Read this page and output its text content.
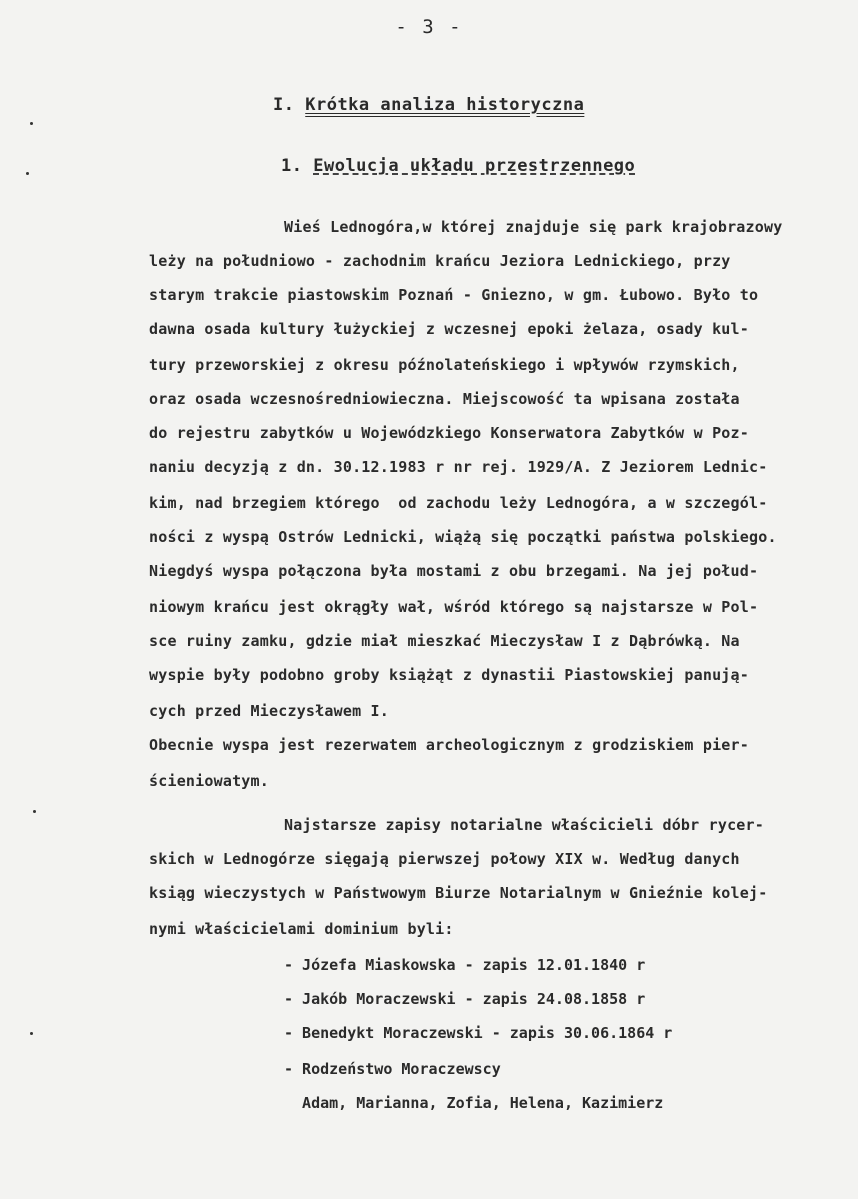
- 3 -
I. Krótka analiza historyczna
1. Ewolucja układu przestrzennego
Wieś Lednogóra,w której znajduje się park krajobrazowy
leży na południowo - zachodnim krańcu Jeziora Lednickiego, przy
starym trakcie piastowskim Poznań - Gniezno, w gm. Łubowo. Było to
dawna osada kultury łużyckiej z wczesnej epoki żelaza, osady kul-
tury przeworskiej z okresu późnolateńskiego i wpływów rzymskich,
oraz osada wczesnośredniowieczna. Miejscowość ta wpisana została
do rejestru zabytków u Wojewódzkiego Konserwatora Zabytków w Poz-
naniu decyzją z dn. 30.12.1983 r nr rej. 1929/A. Z Jeziorem Lednic-
kim, nad brzegiem którego  od zachodu leży Lednogóra, a w szczegól-
ności z wyspą Ostrów Lednicki, wiążą się początki państwa polskiego.
Niegdyś wyspa połączona była mostami z obu brzegami. Na jej połud-
niowym krańcu jest okrągły wał, wśród którego są najstarsze w Pol-
sce ruiny zamku, gdzie miał mieszkać Mieczysław I z Dąbrówką. Na
wyspie były podobno groby książąt z dynastii Piastowskiej panują-
cych przed Mieczysławem I.
Obecnie wyspa jest rezerwatem archeologicznym z grodziskiem pier-
ścieniowatym.
Najstarsze zapisy notarialne właścicieli dóbr rycer-
skich w Lednogórze sięgają pierwszej połowy XIX w. Według danych
ksiąg wieczystych w Państwowym Biurze Notarialnym w Gnieźnie kolej-
nymi właścicielami dominium byli:
- Józefa Miaskowska - zapis 12.01.1840 r
- Jakób Moraczewski - zapis 24.08.1858 r
- Benedykt Moraczewski - zapis 30.06.1864 r
- Rodzeństwo Moraczewscy
Adam, Marianna, Zofia, Helena, Kazimierz
